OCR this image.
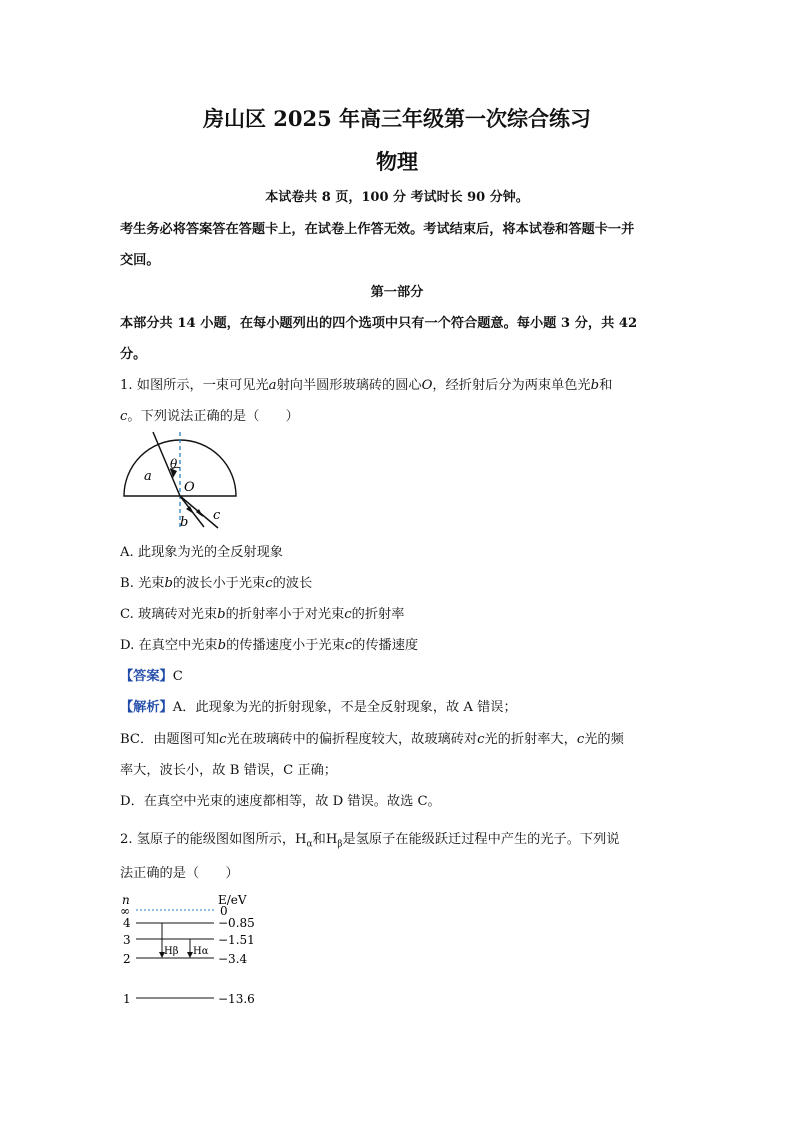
房山区 2025 年高三年级第一次综合练习
物理
本试卷共 8 页，100 分 考试时长 90 分钟。
考生务必将答案答在答题卡上，在试卷上作答无效。考试结束后，将本试卷和答题卡一并
交回。
第一部分
本部分共 14 小题，在每小题列出的四个选项中只有一个符合题意。每小题 3 分，共 42
分。
1. 如图所示，一束可见光a射向半圆形玻璃砖的圆心O，经折射后分为两束单色光b和
c。下列说法正确的是（　　）
a
θ
O
b c
A. 此现象为光的全反射现象
B. 光束b的波长小于光束c的波长
C. 玻璃砖对光束b的折射率小于对光束c的折射率
D. 在真空中光束b的传播速度小于光束c的传播速度
【答案】C
【解析】A．此现象为光的折射现象，不是全反射现象，故 A 错误；
BC．由题图可知c光在玻璃砖中的偏折程度较大，故玻璃砖对c光的折射率大，c光的频
率大，波长小，故 B 错误，C 正确；
D．在真空中光束的速度都相等，故 D 错误。故选 C。
2. 氢原子的能级图如图所示，$H_\alpha$和$H_\beta$是氢原子在能级跃迁过程中产生的光子。下列说
法正确的是（　　）
n	E/eV
∞	0
4	−0.85
3	−1.51
2	−3.4
Hβ Hα
1	−13.6
